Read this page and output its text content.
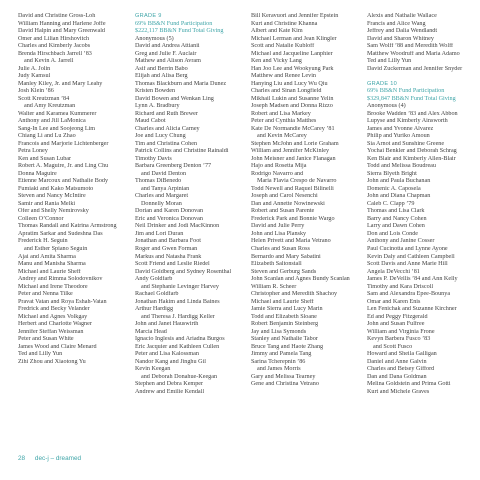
David and Christine Gross-Loh
William Hanning and Harlene Joffe
David Halpin and Mary Greenwald
Omer and Lilian Hirshovitch
Charles and Kimberly Jacobs
Brenda Hirschbach Jarrell ’83
and Kevin A. Jarrell
Julie A. Jolin
Judy Kamsul
Manley Kiley, Jr. and Mary Leahy
Josh Klein ’86
Scott Kreutzman ’84
and Amy Kreutzman
Walter and Karamea Kummerer
Anthony and Jill LaMonica
Sang-In Lee and Soojeong Lim
Chiang Li and Lu Zhao
Francois and Marjorie Lichtenberger
Petra Loney
Ken and Susan Lubar
Robert A. Maguire, Jr. and Ling Chu
Donna Maguire
Etienne Marcoux and Nathalie Body
Fumiaki and Kako Matsumoto
Steven and Nancy McIntire
Samir and Rania Melki
Ofer and Shelly Nemirovsky
Colleen O’Connor
Thomas Randall and Katrina Armstrong
Apratim Sarkar and Sudeshna Das
Frederick H. Seguin
and Esther Spiano Seguin
Ajai and Amita Sharma
Manu and Manisha Sharma
Michael and Laurie Sheff
Andrey and Rimma Solodovnikov
Michael and Irene Theodore
Peter and Nenna Tilke
Pravat Vatan and Roya Eshah-Vatan
Fredrick and Becky Velander
Michael and Agnes Volkgay
Herbert and Charlotte Wagner
Jennifer Steffan Weissman
Peter and Susan White
James Wood and Claire Menard
Ted and Lilly Yun
Zihi Zhou and Xiaotong Yu
GRADE 9
69% BB&N Fund Participation
$222,117 BB&N Fund Total Giving
Anonymous (5)
David and Andrea Attianii
Greg and Julie F. Auclair
Mathew and Alison Avram
Asif and Berrin Babo
Elijah and Alisa Berg
Thomas Blackburn and Maria Dunez
Kristen Bowden
David Bowen and Wenkan Ling
Lynn A. Bradbury
Richard and Ruth Brewer
Maud Cabot
Charles and Alicia Carney
Joe and Lucy Chung
Tim and Christina Cohen
Patrick Collins and Christine Rainaldi
Timothy Davis
Barbara Greenberg Denton ’77
and David Denton
Thomas DiBenedo
and Tanya Arpinian
Charles and Margaret
Donnelly Moran
Dorian and Karen Donovan
Eric and Veronica Donovan
Neil Drinker and Jodi MacKinnon
Jim and Lori Duran
Jonathan and Barbara Foot
Roger and Gwen Forman
Markus and Natasha Frank
Scott Friend and Leslie Riedel
David Goldberg and Sydney Rosenthal
Andy Goldfarb
and Stephanie Levinger Harvey
Rachael Goldfarb
Jonathan Hakim and Linda Baines
Arthur Hardigg
and Theresa J. Hardigg Keller
John and Janet Hauswirth
Marcia Head
Ignacio Inglesis and Ariadna Burgos
Eric Jacquier and Kathleen Cullen
Peter and Lisa Kalossman
Nandor Kang and Jinghu Gil
Kevin Keegan
and Deborah Donahue-Keegan
Stephen and Debra Kemper
Andrew and Emilie Kendall
Bill Keravuori and Jennifer Epstein
Kurt and Christine Khanna
Albert and Kate Kim
Michael Lerman and Jean Klingler
Scott and Natalie Kubloff
Michael and Jacqueline Lanphier
Ken and Vicky Lang
Han Joo Lee and Wookyung Park
Matthew and Renee Levin
Hanying Liu and Lucy Wu Qiu
Charles and Sinan Longfield
Mikhail Lukin and Susanne Yelin
Joseph Madsen and Donna Rizzo
Robert and Lisa Markey
Peter and Cynthia Matthes
Kate De Normandie McCarey ’81
and Kevin McCarey
Stephen McJohn and Lorie Graham
William and Jennifer McKinley
John Meisner and Janice Flanagan
Hajo and Rosetta Mija
Rodrigo Navarro and
Maria Flavia Crespo de Navarro
Todd Newell and Raquel Bilinelli
Joseph and Carol Nesenchi
Dan and Annette Nowinewski
Robert and Susan Parente
Frederick Park and Bonnie Wargo
David and Julie Perry
John and Lisa Plansky
Helen Privett and Maria Vetrano
Charles and Susan Ross
Bernardo and Mary Sabatini
Elizabeth Saltonstall
Steven and Gerburg Sands
John Scanlan and Agnes Bundy Scanlan
William R. Scheer
Christopher and Meredith Shachoy
Michael and Laurie Sheff
Jamie Sierra and Lucy Marin
Todd and Elizabeth Sloane
Robert Benjamin Steinberg
Jay and Lisa Symonds
Stanley and Nathalie Tabor
Bruce Tang and Haote Zhang
Jimmy and Pamela Tang
Sarina Tcherepnin ’86
and James Morris
Gary and Melissa Tearney
Gene and Christina Vetrano
Alexis and Nathalie Wallace
Francis and Alice Wang
Jeffrey and Dalia Wendlandt
David and Sharon Whitney
Sam Wolff ’88 and Meredith Wolff
Matthew Woodruff and Maria Adamo
Ted and Lilly Yun
David Zuckerman and Jennifer Snyder

GRADE 10
69% BB&N Fund Participation
$329,847 BB&N Fund Total Giving
Anonymous (4)
Brooke Wadden ’83 and Alex Abbon
Lupyse and Kimberly Ainsworth
James and Yvonne Alvarez
Philip and Yuriko Amoun
Sia Arnot and Sunshine Greene
Yochai Benkler and Deborah Schrag
Ken Blair and Kimberly Allen-Blair
Todd and Melissa Boudreau
Sierra Blyeth Bright
John and Paula Buchanan
Domenic A. Caposela
John and Diana Chapman
Caleb C. Clapp ’79
Thomas and Lisa Clark
Barry and Nancy Cohen
Larry and Dawn Cohen
Don and Lois Conde
Anthony and Janine Cosser
Paul Cucinotta and Lynne Ayone
Kevin Daly and Cathleen Campbell
Scott Davis and Anne Marie Hill
Angela DeVecchi ’81
James P. DeVellis ’84 and Ann Kelly
Timothy and Kara Driscoll
Sam and Alexandra Epee-Bounya
Omar and Karen Enis
Len Fenichak and Suzanne Kirchner
Ed and Peggy Fitzgerald
John and Susan Fulfree
William and Virginia Frone
Kevyn Barbera Fusco ’83
and Scott Fusco
Howard and Sheila Galligan
Daniel and Anne Galvin
Charles and Betsey Gifford
Dan and Dana Goldman
Melina Goldstein and Prima Gotti
Kurt and Michele Graves
28 dec-j – dreamed
